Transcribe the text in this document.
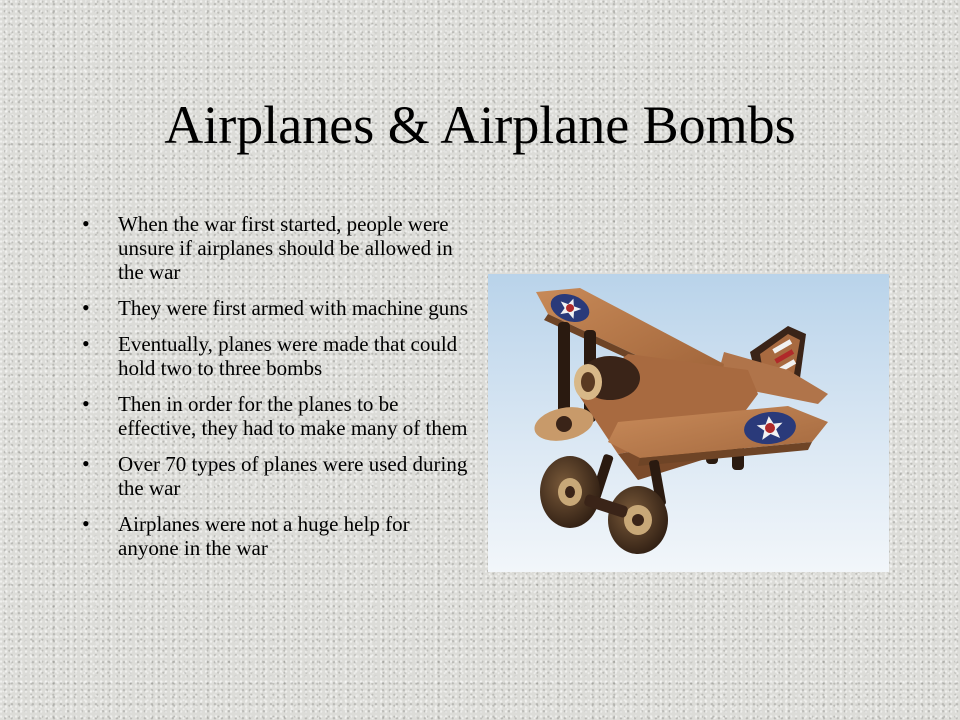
Airplanes & Airplane Bombs
• When the war first started, people were unsure if airplanes should be allowed in the war
• They were first armed with machine guns
• Eventually, planes were made that could hold two to three bombs
• Then in order for the planes to be effective, they had to make many of them
• Over 70 types of planes were used during the war
• Airplanes were not a huge help for anyone in the war
